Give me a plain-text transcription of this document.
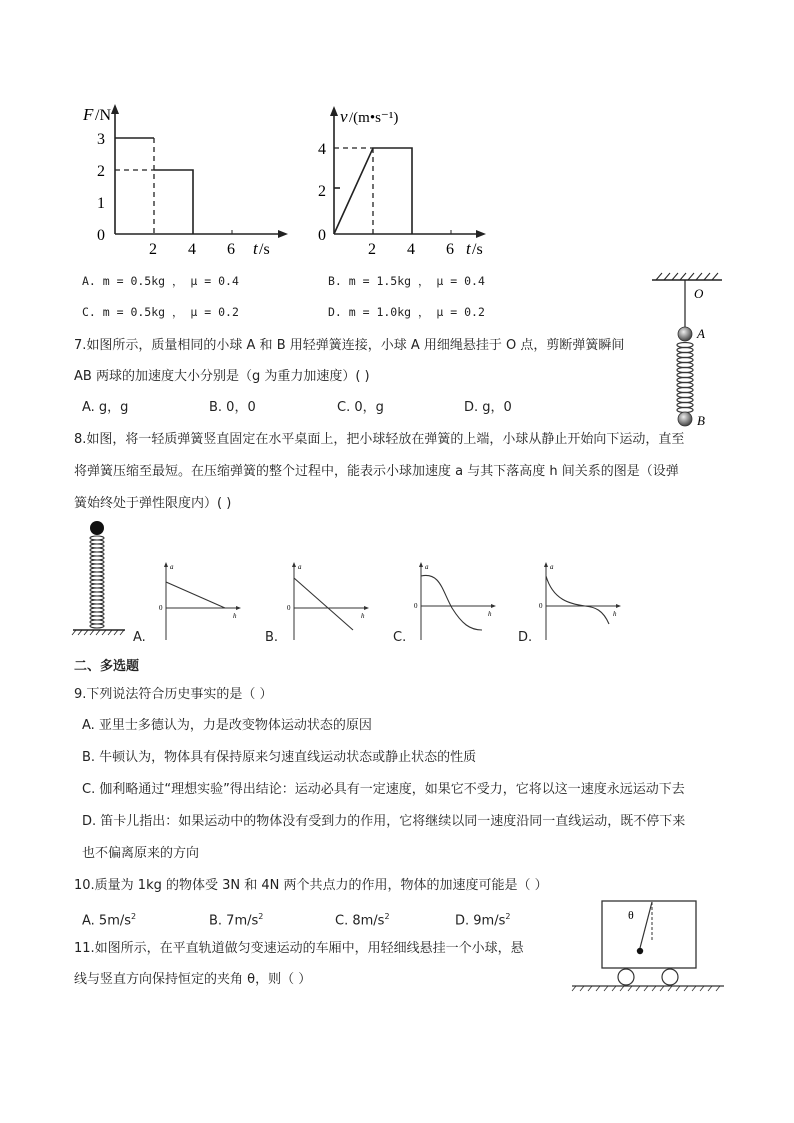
F /N
3
2
1
0
2 4 6 t /s
v /(m•s⁻¹)
4
2
0
2 4 6 t /s
A. m = 0.5kg ， μ = 0.4	B. m = 1.5kg ， μ = 0.4
C. m = 0.5kg ， μ = 0.2	D. m = 1.0kg ， μ = 0.2
O
A
B
7.如图所示，质量相同的小球 A 和 B 用轻弹簧连接，小球 A 用细绳悬挂于 O 点，剪断弹簧瞬间
AB 两球的加速度大小分别是（g 为重力加速度）( )
A. g，g	B. 0，0	C. 0，g	D. g，0
8.如图，将一轻质弹簧竖直固定在水平桌面上，把小球轻放在弹簧的上端，小球从静止开始向下运动，直至
将弹簧压缩至最短。在压缩弹簧的整个过程中，能表示小球加速度 a 与其下落高度 h 间关系的图是（设弹
簧始终处于弹性限度内）( )
A.
a
0
h
B.
a
0
h
C.
a
0
h
D.
a
0
h
二、多选题
9.下列说法符合历史事实的是（ ）
A. 亚里士多德认为，力是改变物体运动状态的原因
B. 牛顿认为，物体具有保持原来匀速直线运动状态或静止状态的性质
C. 伽利略通过“理想实验”得出结论：运动必具有一定速度，如果它不受力，它将以这一速度永远运动下去
D. 笛卡儿指出：如果运动中的物体没有受到力的作用，它将继续以同一速度沿同一直线运动，既不停下来
也不偏离原来的方向
10.质量为 1kg 的物体受 3N 和 4N 两个共点力的作用，物体的加速度可能是（ ）
A. $5m/s^2$	B. $7m/s^2$	C. $8m/s^2$	D. $9m/s^2$
11.如图所示，在平直轨道做匀变速运动的车厢中，用轻细线悬挂一个小球，悬
线与竖直方向保持恒定的夹角 θ，则（ ）
θ
